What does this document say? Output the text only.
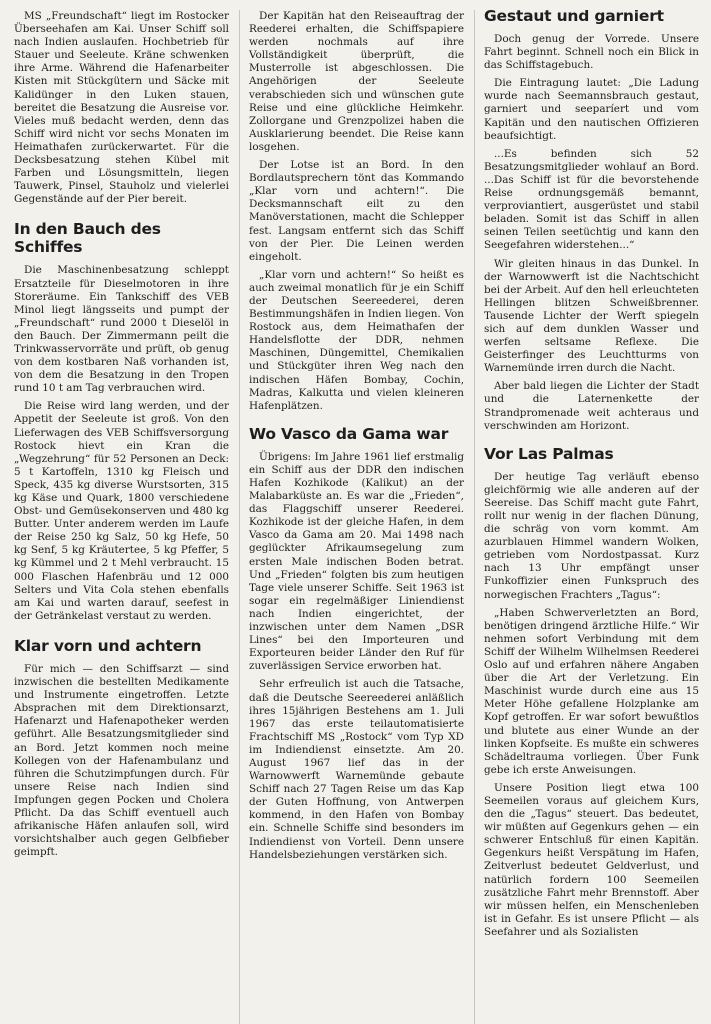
MS „Freundschaft“ liegt im Rostocker Überseehafen am Kai. Unser Schiff soll nach Indien auslaufen. Hochbetrieb für Stauer und Seeleute. Kräne schwenken ihre Arme. Während die Hafenarbeiter Kisten mit Stückgütern und Säcke mit Kalidünger in den Luken stauen, bereitet die Besatzung die Ausreise vor. Vieles muß bedacht werden, denn das Schiff wird nicht vor sechs Monaten im Heimathafen zurückerwartet. Für die Decksbesatzung stehen Kübel mit Farben und Lösungsmitteln, liegen Tauwerk, Pinsel, Stauholz und vielerlei Gegenstände auf der Pier bereit.

In den Bauch des Schiffes

Die Maschinenbesatzung schleppt Ersatzteile für Dieselmotoren in ihre Storeräume. Ein Tankschiff des VEB Minol liegt längsseits und pumpt der „Freundschaft“ rund 2000 t Dieselöl in den Bauch. Der Zimmermann peilt die Trinkwasservorräte und prüft, ob genug von dem kostbaren Naß vorhanden ist, von dem die Besatzung in den Tropen rund 10 t am Tag verbrauchen wird.

Die Reise wird lang werden, und der Appetit der Seeleute ist groß. Von den Lieferwagen des VEB Schiffsversorgung Rostock hievt ein Kran die „Wegzehrung“ für 52 Personen an Deck: 5 t Kartoffeln, 1310 kg Fleisch und Speck, 435 kg diverse Wurstsorten, 315 kg Käse und Quark, 1800 verschiedene Obst- und Gemüsekonserven und 480 kg Butter. Unter anderem werden im Laufe der Reise 250 kg Salz, 50 kg Hefe, 50 kg Senf, 5 kg Kräutertee, 5 kg Pfeffer, 5 kg Kümmel und 2 t Mehl verbraucht. 15 000 Flaschen Hafenbräu und 12 000 Selters und Vita Cola stehen ebenfalls am Kai und warten darauf, seefest in der Getränkelast verstaut zu werden.

Klar vorn und achtern

Für mich — den Schiffsarzt — sind inzwischen die bestellten Medikamente und Instrumente eingetroffen. Letzte Absprachen mit dem Direktionsarzt, Hafenarzt und Hafenapotheker werden geführt. Alle Besatzungsmitglieder sind an Bord. Jetzt kommen noch meine Kollegen von der Hafenambulanz und führen die Schutzimpfungen durch. Für unsere Reise nach Indien sind Impfungen gegen Pocken und Cholera Pflicht. Da das Schiff eventuell auch afrikanische Häfen anlaufen soll, wird vorsichtshalber auch gegen Gelbfieber geimpft.

Der Kapitän hat den Reiseauftrag der Reederei erhalten, die Schiffspapiere werden nochmals auf ihre Vollständigkeit überprüft, die Musterrolle ist abgeschlossen. Die Angehörigen der Seeleute verabschieden sich und wünschen gute Reise und eine glückliche Heimkehr. Zollorgane und Grenzpolizei haben die Ausklarierung beendet. Die Reise kann losgehen.

Der Lotse ist an Bord. In den Bordlautsprechern tönt das Kommando „Klar vorn und achtern!“. Die Decksmannschaft eilt zu den Manöverstationen, macht die Schlepper fest. Langsam entfernt sich das Schiff von der Pier. Die Leinen werden eingeholt.

„Klar vorn und achtern!“ So heißt es auch zweimal monatlich für je ein Schiff der Deutschen Seereederei, deren Bestimmungshäfen in Indien liegen. Von Rostock aus, dem Heimathafen der Handelsflotte der DDR, nehmen Maschinen, Düngemittel, Chemikalien und Stückgüter ihren Weg nach den indischen Häfen Bombay, Cochin, Madras, Kalkutta und vielen kleineren Hafenplätzen.

Wo Vasco da Gama war

Übrigens: Im Jahre 1961 lief erstmalig ein Schiff aus der DDR den indischen Hafen Kozhikode (Kalikut) an der Malabarküste an. Es war die „Frieden“, das Flaggschiff unserer Reederei. Kozhikode ist der gleiche Hafen, in dem Vasco da Gama am 20. Mai 1498 nach geglückter Afrikaumsegelung zum ersten Male indischen Boden betrat. Und „Frieden“ folgten bis zum heutigen Tage viele unserer Schiffe. Seit 1963 ist sogar ein regelmäßiger Liniendienst nach Indien eingerichtet, der inzwischen unter dem Namen „DSR Lines“ bei den Importeuren und Exporteuren beider Länder den Ruf für zuverlässigen Service erworben hat.

Sehr erfreulich ist auch die Tatsache, daß die Deutsche Seereederei anläßlich ihres 15jährigen Bestehens am 1. Juli 1967 das erste teilautomatisierte Frachtschiff MS „Rostock“ vom Typ XD im Indiendienst einsetzte. Am 20. August 1967 lief das in der Warnowwerft Warnemünde gebaute Schiff nach 27 Tagen Reise um das Kap der Guten Hoffnung, von Antwerpen kommend, in den Hafen von Bombay ein. Schnelle Schiffe sind besonders im Indiendienst von Vorteil. Denn unsere Handelsbeziehungen verstärken sich.

Gestaut und garniert

Doch genug der Vorrede. Unsere Fahrt beginnt. Schnell noch ein Blick in das Schiffstagebuch.

Die Eintragung lautet: „Die Ladung wurde nach Seemannsbrauch gestaut, garniert und seeparíert und vom Kapitän und den nautischen Offizieren beaufsichtigt.

...Es befinden sich 52 Besatzungsmitglieder wohlauf an Bord. ...Das Schiff ist für die bevorstehende Reise ordnungsgemäß bemannt, verproviantiert, ausgerüstet und stabil beladen. Somit ist das Schiff in allen seinen Teilen seetüchtig und kann den Seegefahren widerstehen...“

Wir gleiten hinaus in das Dunkel. In der Warnowwerft ist die Nachtschicht bei der Arbeit. Auf den hell erleuchteten Hellingen blitzen Schweißbrenner. Tausende Lichter der Werft spiegeln sich auf dem dunklen Wasser und werfen seltsame Reflexe. Die Geisterfinger des Leuchtturms von Warnemünde irren durch die Nacht.

Aber bald liegen die Lichter der Stadt und die Laternenkette der Strandpromenade weit achteraus und verschwinden am Horizont.

Vor Las Palmas

Der heutige Tag verläuft ebenso gleichförmig wie alle anderen auf der Seereise. Das Schiff macht gute Fahrt, rollt nur wenig in der flachen Dünung, die schräg von vorn kommt. Am azurblauen Himmel wandern Wolken, getrieben vom Nordostpassat. Kurz nach 13 Uhr empfängt unser Funkoffizier einen Funkspruch des norwegischen Frachters „Tagus“:

„Haben Schwerverletzten an Bord, benötigen dringend ärztliche Hilfe.“ Wir nehmen sofort Verbindung mit dem Schiff der Wilhelm Wilhelmsen Reederei Oslo auf und erfahren nähere Angaben über die Art der Verletzung. Ein Maschinist wurde durch eine aus 15 Meter Höhe gefallene Holzplanke am Kopf getroffen. Er war sofort bewußtlos und blutete aus einer Wunde an der linken Kopfseite. Es mußte ein schweres Schädeltrauma vorliegen. Über Funk gebe ich erste Anweisungen.

Unsere Position liegt etwa 100 Seemeilen voraus auf gleichem Kurs, den die „Tagus“ steuert. Das bedeutet, wir müßten auf Gegenkurs gehen — ein schwerer Entschluß für einen Kapitän. Gegenkurs heißt Verspätung im Hafen, Zeitverlust bedeutet Geldverlust, und natürlich fordern 100 Seemeilen zusätzliche Fahrt mehr Brennstoff. Aber wir müssen helfen, ein Menschenleben ist in Gefahr. Es ist unsere Pflicht — als Seefahrer und als Sozialisten
